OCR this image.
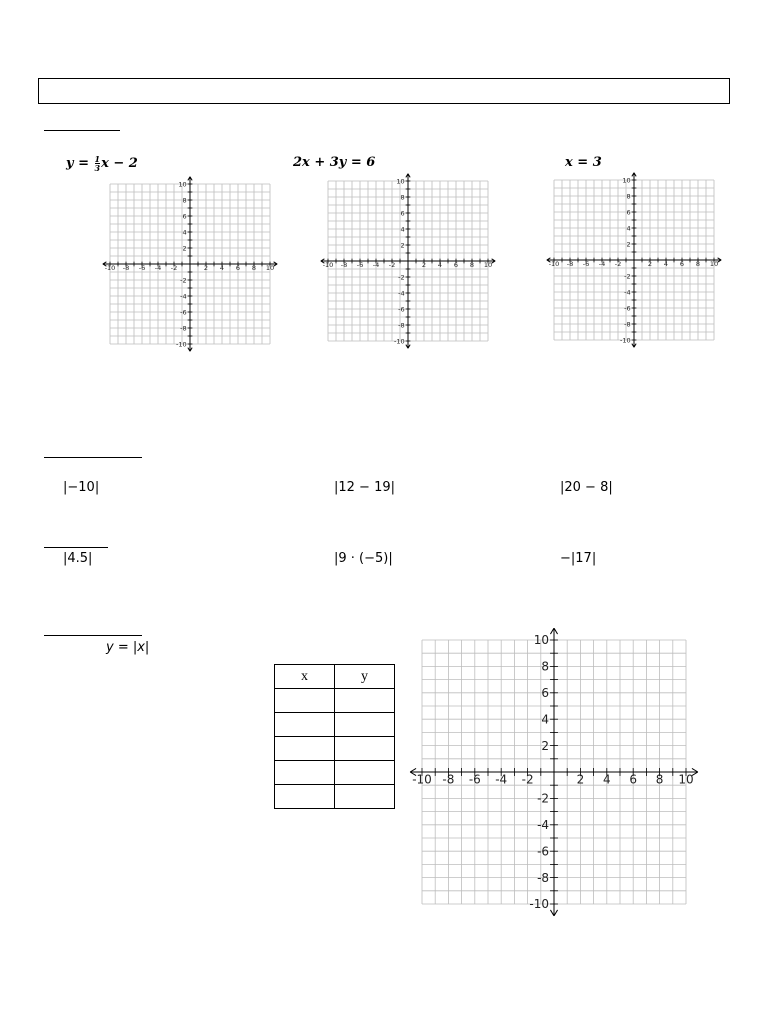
$y = \frac{1}{3}$ x − 2	2x + 3y = 6	x = 3
-10 -8 -6 -4 -2	2 4 6 8 10
10
8
6
4
2
-2
-4
-6
-8
-10
-10 -8 -6 -4 -2	2 4 6 8 10
10
8
6
4
2
-2
-4
-6
-8
-10
-10 -8 -6 -4 -2	2 4 6 8 10
10
8
6
4
2
-2
-4
-6
-8
-10
|−10|	|12 − 19|	|20 − 8|
|4.5|	|9 · (−5)|	−|17|
y = |x|
x	y

-10 -8 -6 -4 -2	2 4 6 8 10
10
8
6
4
2
-2
-4
-6
-8
-10
